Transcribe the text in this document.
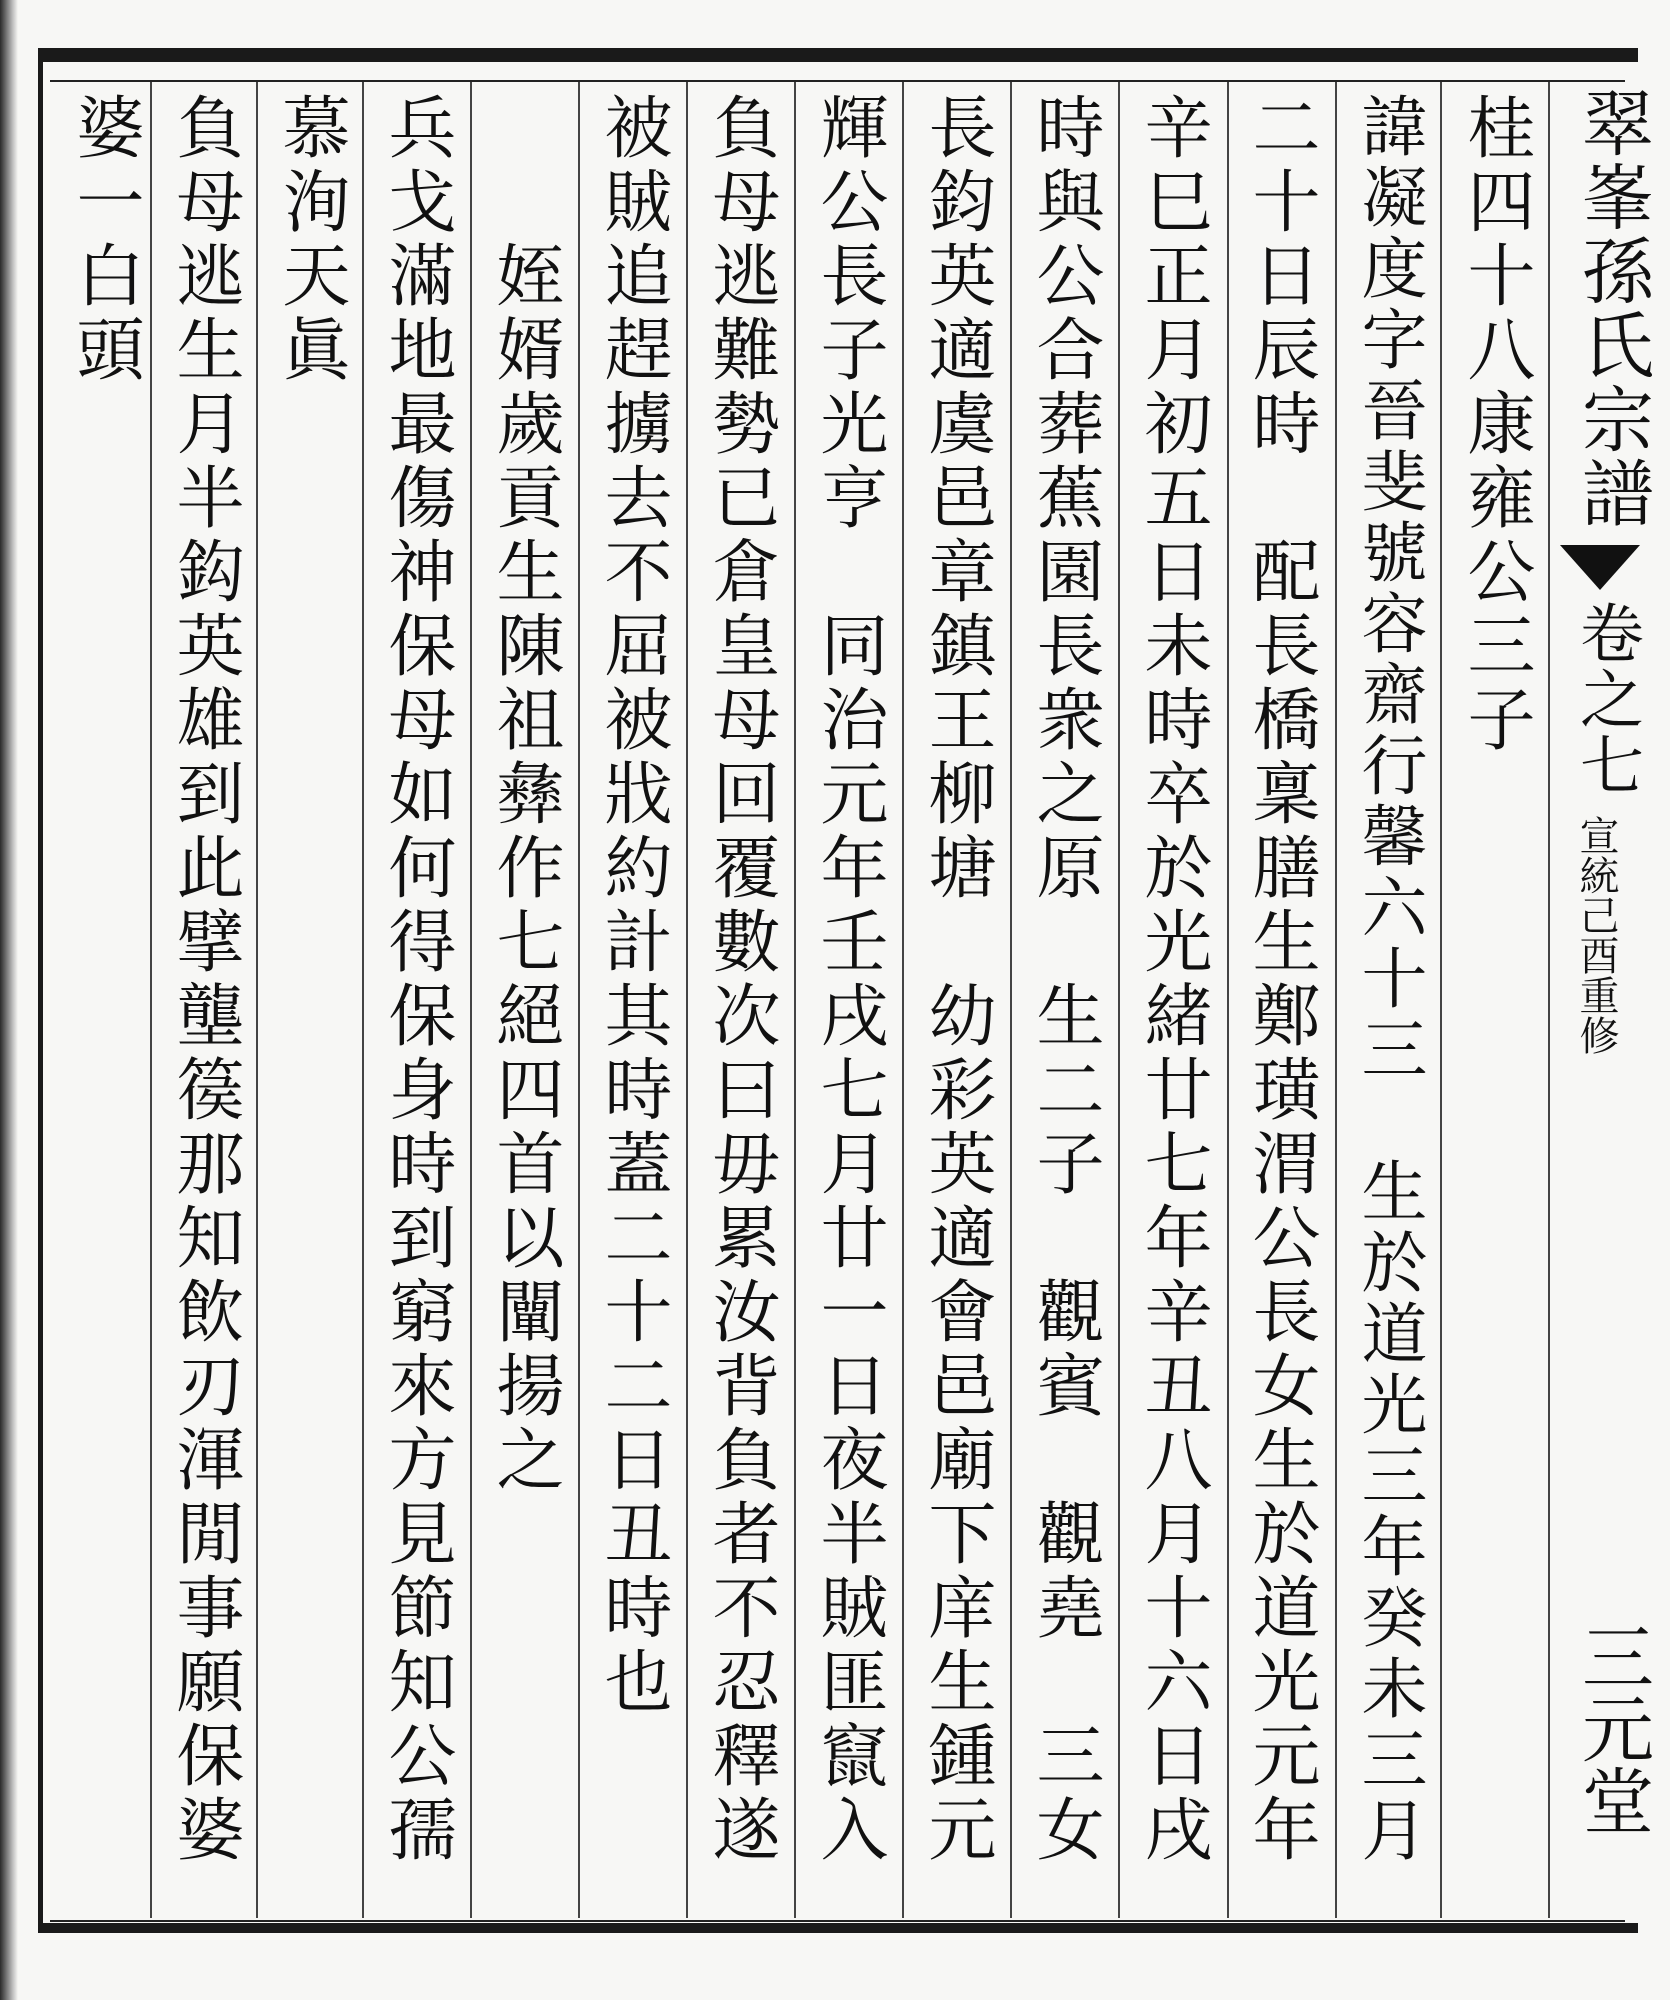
翠峯孫氏宗譜
卷之七
宣統己酉重修
三元堂
桂四十八康雍公三子
諱凝度字晉斐號容齋行馨六十三　生於道光三年癸未三月
二十日辰時　配長橋稟膳生鄭璜渭公長女生於道光元年
辛巳正月初五日未時卒於光緒廿七年辛丑八月十六日戌
時與公合葬蕉園長衆之原　生二子　觀賓　觀堯　三女
長鈞英適虞邑章鎮王柳塘　幼彩英適會邑廟下庠生鍾元
輝公長子光亨　同治元年壬戌七月廿一日夜半賊匪竄入
負母逃難勢已倉皇母回覆數次曰毋累汝背負者不忍釋遂
被賊追趕擄去不屈被戕約計其時蓋二十二日丑時也
　　姪婿歲貢生陳祖彝作七絕四首以闡揚之
兵戈滿地最傷神保母如何得保身時到窮來方見節知公孺
慕洵天眞
負母逃生月半鈎英雄到此擘壟篌那知飲刃渾閒事願保婆
婆一白頭
